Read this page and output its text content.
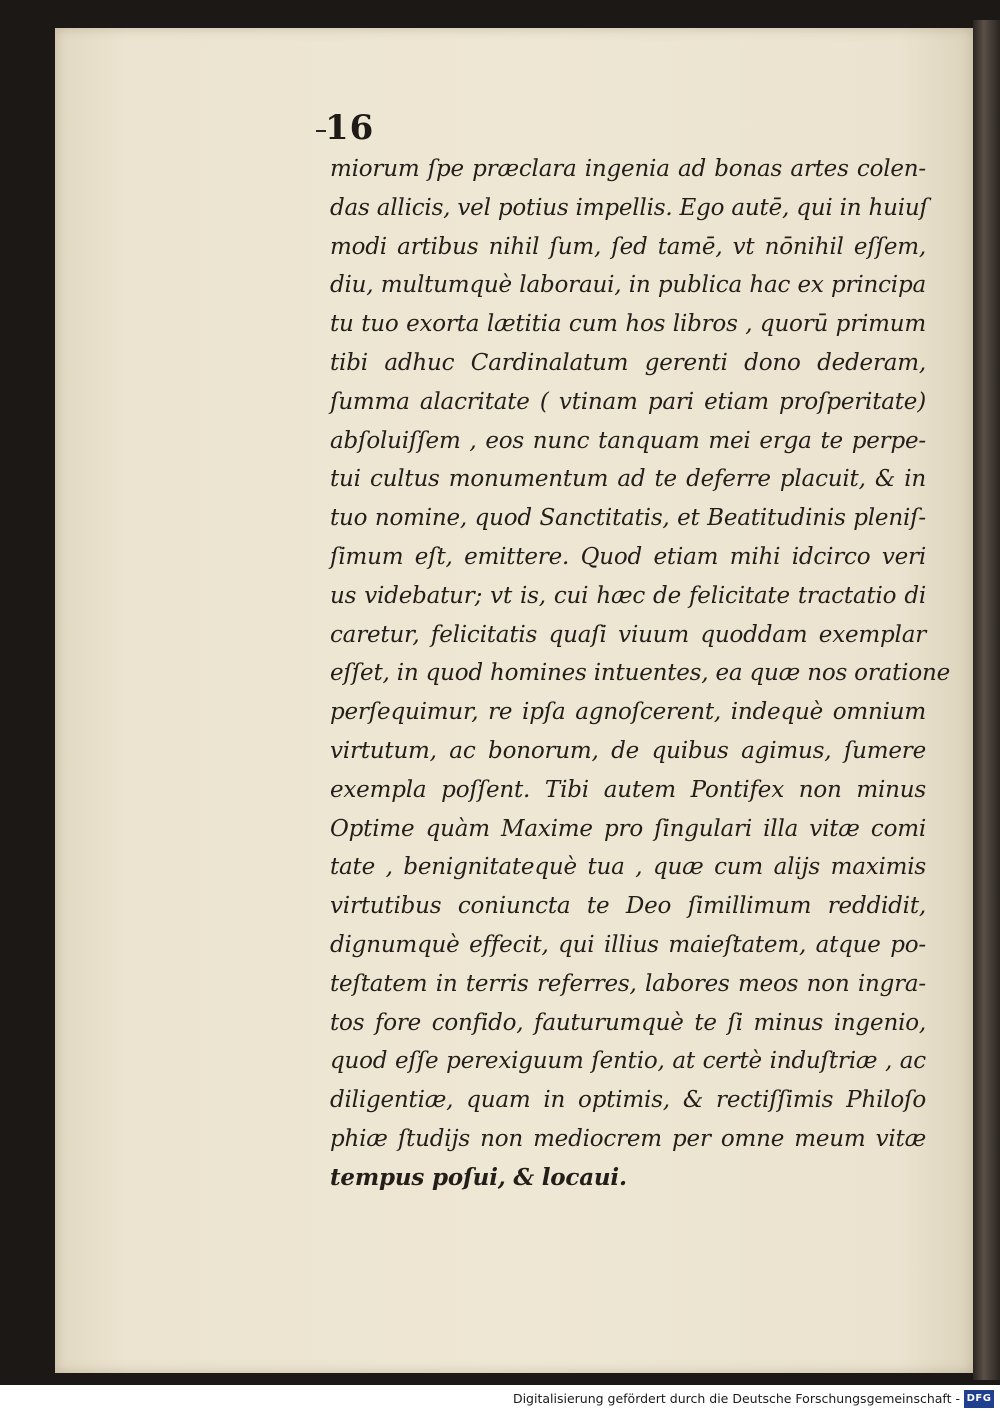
16
miorum ſpe præclara ingenia ad bonas artes colen-
das allicis, vel potius impellis. Ego autē, qui in huiuſ
modi artibus nihil ſum, ſed tamē, vt nōnihil eſſem,
diu, multumquè laboraui, in publica hac ex principa
tu tuo exorta lætitia cum hos libros , quorū primum
tibi adhuc Cardinalatum gerenti dono dederam,
ſumma alacritate ( vtinam pari etiam proſperitate)
abſoluiſſem , eos nunc tanquam mei erga te perpe-
tui cultus monumentum ad te deferre placuit, & in
tuo nomine, quod Sanctitatis, et Beatitudinis pleniſ-
ſimum eſt, emittere. Quod etiam mihi idcirco veri
us videbatur; vt is, cui hæc de felicitate tractatio di
caretur, felicitatis quaſi viuum quoddam exemplar
eſſet, in quod homines intuentes, ea quæ nos oratione
perſequimur, re ipſa agnoſcerent, indequè omnium
virtutum, ac bonorum, de quibus agimus, ſumere
exempla poſſent. Tibi autem Pontifex non minus
Optime quàm Maxime pro ſingulari illa vitæ comi
tate , benignitatequè tua , quæ cum alijs maximis
virtutibus coniuncta te Deo ſimillimum reddidit,
dignumquè effecit, qui illius maieſtatem, atque po-
teſtatem in terris referres, labores meos non ingra-
tos fore confido, fauturumquè te ſi minus ingenio,
quod eſſe perexiguum ſentio, at certè induſtriæ , ac
diligentiæ, quam in optimis, & rectiſſimis Philoſo
phiæ ſtudijs non mediocrem per omne meum vitæ
tempus poſui, & locaui.
Digitalisierung gefördert durch die Deutsche Forschungsgemeinschaft - DFG
